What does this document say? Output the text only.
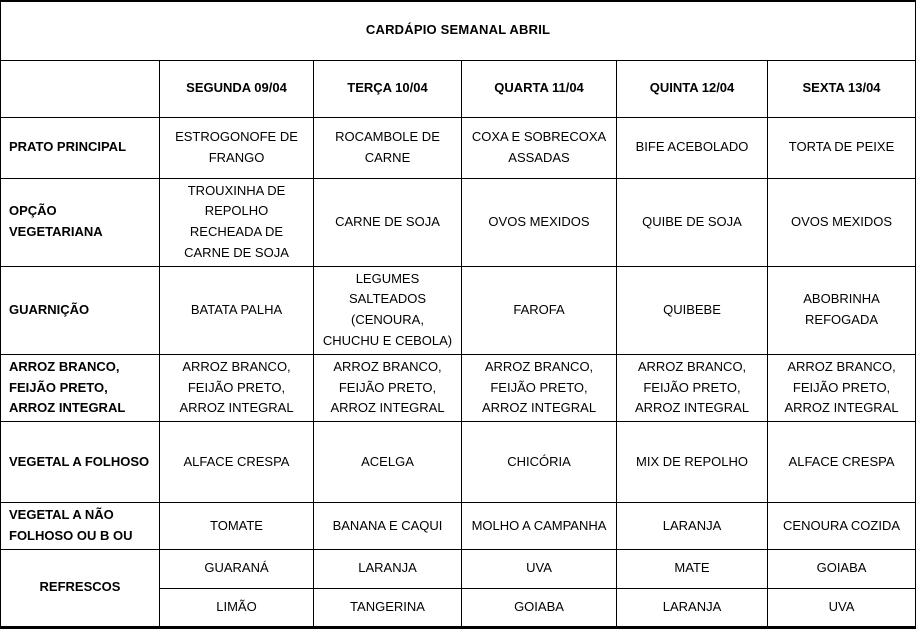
CARDÁPIO SEMANAL ABRIL					
	SEGUNDA 09/04	TERÇA 10/04	QUARTA 11/04	QUINTA 12/04	SEXTA 13/04
PRATO PRINCIPAL	ESTROGONOFE DE FRANGO	ROCAMBOLE DE CARNE	COXA E SOBRECOXA ASSADAS	BIFE ACEBOLADO	TORTA DE PEIXE
OPÇÃO VEGETARIANA	TROUXINHA DE REPOLHO RECHEADA DE CARNE DE SOJA	CARNE DE SOJA	OVOS MEXIDOS	QUIBE DE SOJA	OVOS MEXIDOS
GUARNIÇÃO	BATATA PALHA	LEGUMES SALTEADOS (CENOURA, CHUCHU E CEBOLA)	FAROFA	QUIBEBE	ABOBRINHA REFOGADA
ARROZ BRANCO, FEIJÃO PRETO, ARROZ INTEGRAL	ARROZ BRANCO, FEIJÃO PRETO, ARROZ INTEGRAL	ARROZ BRANCO, FEIJÃO PRETO, ARROZ INTEGRAL	ARROZ BRANCO, FEIJÃO PRETO, ARROZ INTEGRAL	ARROZ BRANCO, FEIJÃO PRETO, ARROZ INTEGRAL	ARROZ BRANCO, FEIJÃO PRETO, ARROZ INTEGRAL
VEGETAL A FOLHOSO	ALFACE CRESPA	ACELGA	CHICÓRIA	MIX DE REPOLHO	ALFACE CRESPA
VEGETAL A NÃO FOLHOSO OU B OU	TOMATE	BANANA E CAQUI	MOLHO A CAMPANHA	LARANJA	CENOURA COZIDA
REFRESCOS	GUARANÁ	LARANJA	UVA	MATE	GOIABA
	LIMÃO	TANGERINA	GOIABA	LARANJA	UVA
